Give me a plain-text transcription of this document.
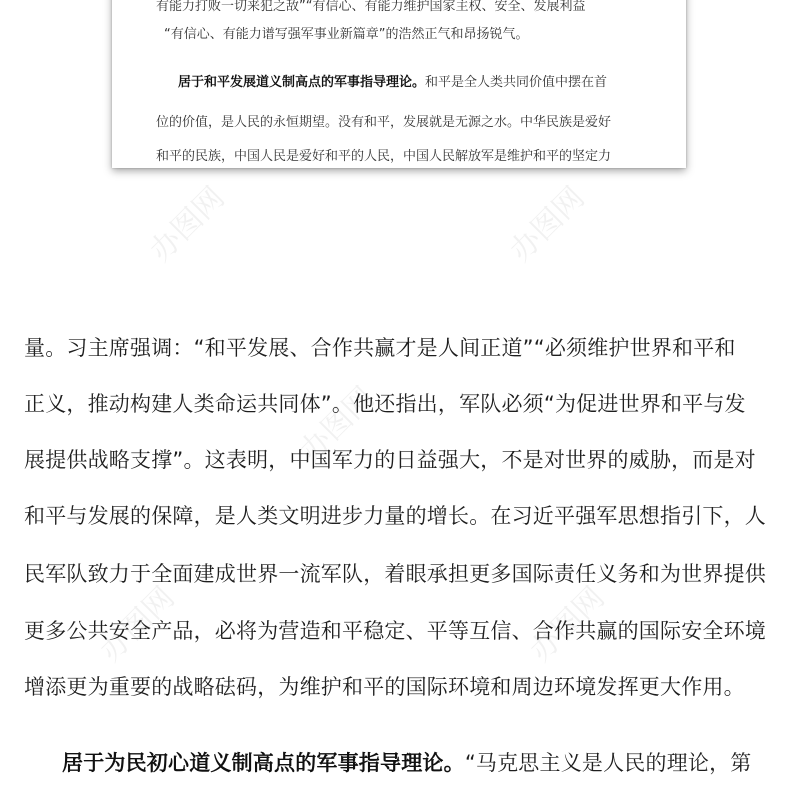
有能力打败一切来犯之敌”“有信心、有能力维护国家主权、安全、发展利益
“有信心、有能力谱写强军事业新篇章”的浩然正气和昂扬锐气。
居于和平发展道义制高点的军事指导理论。和平是全人类共同价值中摆在首
位的价值，是人民的永恒期望。没有和平，发展就是无源之水。中华民族是爱好
和平的民族，中国人民是爱好和平的人民，中国人民解放军是维护和平的坚定力
办图网	办图网
办图网
办图网	办图网
量。习主席强调：“和平发展、合作共赢才是人间正道”“必须维护世界和平和
正义，推动构建人类命运共同体”。他还指出，军队必须“为促进世界和平与发
展提供战略支撑”。这表明，中国军力的日益强大，不是对世界的威胁，而是对
和平与发展的保障，是人类文明进步力量的增长。在习近平强军思想指引下，人
民军队致力于全面建成世界一流军队，着眼承担更多国际责任义务和为世界提供
更多公共安全产品，必将为营造和平稳定、平等互信、合作共赢的国际安全环境
增添更为重要的战略砝码，为维护和平的国际环境和周边环境发挥更大作用。
居于为民初心道义制高点的军事指导理论。“马克思主义是人民的理论，第
